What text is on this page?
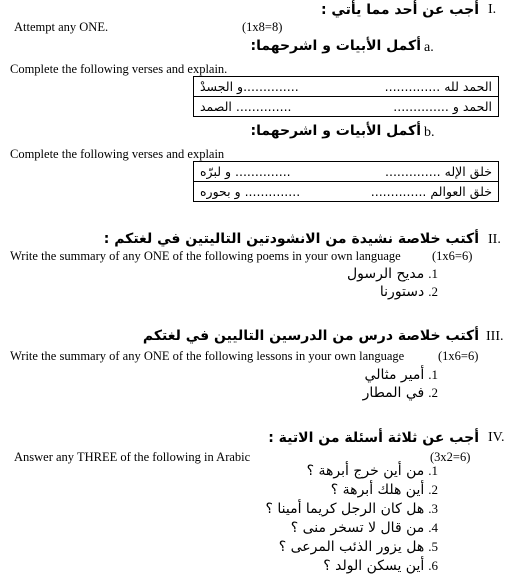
I.
أجب عن أحد مما يأتي :
Attempt any ONE.	(1x8=8)
a.
أكمل الأبيات و اشرحهما:
Complete the following verses and explain.
الحمد لله ..............
..............و الجسدْ

الحمد و ..............
.............. الصمد
b.
أكمل الأبيات و اشرحهما:
Complete the following verses and explain
خلق الإله ..............
.............. و لبرّه

خلق العوالم ..............
.............. و بحوره
II.
أكتب خلاصة نشيدة من الانشودتين التاليتين في لغتكم :
Write the summary of any ONE of the following poems in your own language	(1x6=6)
1.مديح الرسول
2.دستورنا
III.
أكتب خلاصة درس من الدرسين التاليين في لغتكم
Write the summary of any ONE of the following lessons in your own language	(1x6=6)
1.أمير مثالي
2.في المطار
IV.
أجب عن ثلاثة أسئلة من الاتية :
Answer any THREE of the following in Arabic	(3x2=6)
1.من أين خرج أبرهة ؟
2.أين هلك أبرهة ؟
3.هل كان الرجل كريما أمينا ؟
4.من قال لا تسخر منى ؟
5.هل يزور الذئب المرعى ؟
6.أين يسكن الولد ؟
